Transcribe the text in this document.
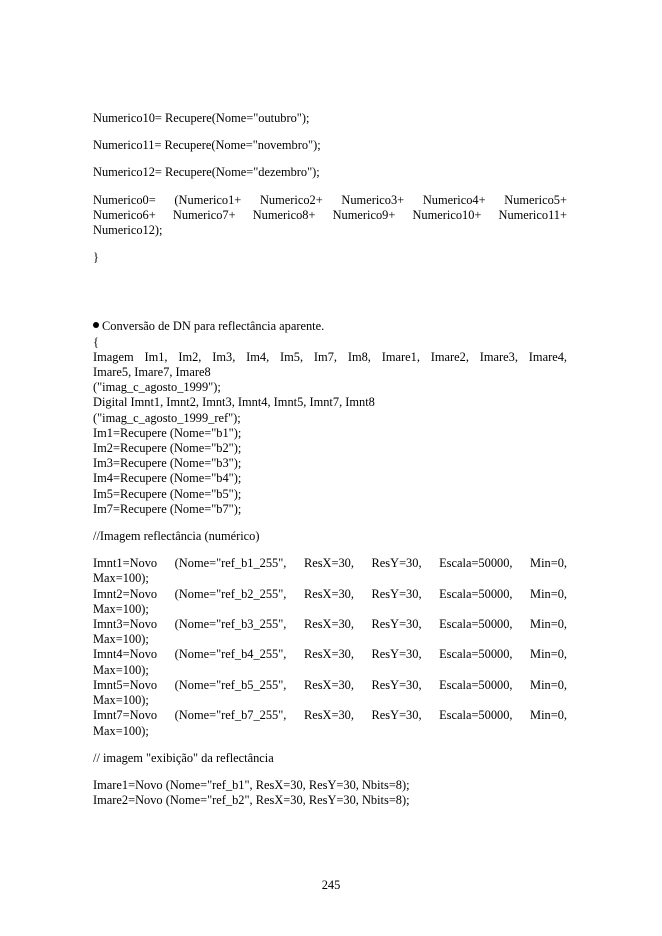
Numerico10= Recupere(Nome="outubro");

Numerico11= Recupere(Nome="novembro");

Numerico12= Recupere(Nome="dezembro");

Numerico0= (Numerico1+ Numerico2+ Numerico3+ Numerico4+ Numerico5+
Numerico6+ Numerico7+ Numerico8+ Numerico9+ Numerico10+ Numerico11+
Numerico12);

}

Conversão de DN para reflectância aparente.
{
Imagem Im1, Im2, Im3, Im4, Im5, Im7, Im8, Imare1, Imare2, Imare3, Imare4,
Imare5, Imare7, Imare8
("imag_c_agosto_1999");
Digital Imnt1, Imnt2, Imnt3, Imnt4, Imnt5, Imnt7, Imnt8
("imag_c_agosto_1999_ref");
Im1=Recupere (Nome="b1");
Im2=Recupere (Nome="b2");
Im3=Recupere (Nome="b3");
Im4=Recupere (Nome="b4");
Im5=Recupere (Nome="b5");
Im7=Recupere (Nome="b7");

//Imagem reflectância (numérico)

Imnt1=Novo (Nome="ref_b1_255", ResX=30, ResY=30, Escala=50000, Min=0,
Max=100);
Imnt2=Novo (Nome="ref_b2_255", ResX=30, ResY=30, Escala=50000, Min=0,
Max=100);
Imnt3=Novo (Nome="ref_b3_255", ResX=30, ResY=30, Escala=50000, Min=0,
Max=100);
Imnt4=Novo (Nome="ref_b4_255", ResX=30, ResY=30, Escala=50000, Min=0,
Max=100);
Imnt5=Novo (Nome="ref_b5_255", ResX=30, ResY=30, Escala=50000, Min=0,
Max=100);
Imnt7=Novo (Nome="ref_b7_255", ResX=30, ResY=30, Escala=50000, Min=0,
Max=100);

// imagem "exibição" da reflectância

Imare1=Novo (Nome="ref_b1", ResX=30, ResY=30, Nbits=8);
Imare2=Novo (Nome="ref_b2", ResX=30, ResY=30, Nbits=8);
245
